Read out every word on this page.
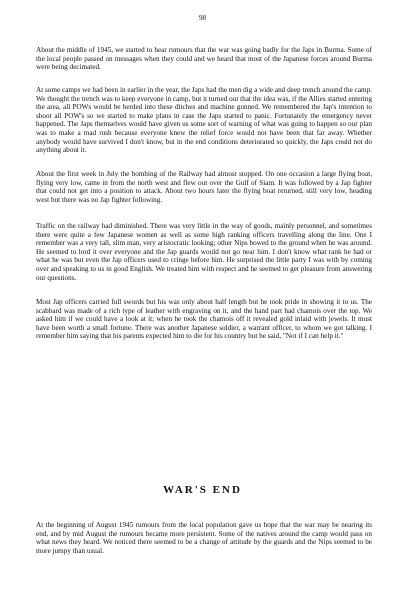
98

About the middle of 1945, we started to hear rumours that the war was going badly for the Japs in Burma. Some of the local people passed on messages when they could and we heard that most of the Japanese forces around Burma were being decimated.

At some camps we had been in earlier in the year, the Japs had the men dig a wide and deep trench around the camp. We thought the trench was to keep everyone in camp, but it turned out that the idea was, if the Allies started entering the area, all POWs would be herded into these ditches and machine gunned. We remembered the Jap's intention to shoot all POW's so we started to make plans in case the Japs started to panic. Fortunately the emergency never happened. The Japs themselves would have given us some sort of warning of what was going to happen so our plan was to make a mad rush because everyone knew the relief force would not have been that far away. Whether anybody would have survived I don't know, but in the end conditions deteriorated so quickly, the Japs could not do anything about it.

About the first week in July the bombing of the Railway had almost stopped. On one occasion a large flying boat, flying very low, came in from the north west and flew out over the Gulf of Siam. It was followed by a Jap fighter that could not get into a position to attack. About two hours later the flying boat returned, still very low, heading west but there was no Jap fighter following.

Traffic on the railway had diminished. There was very little in the way of goods, mainly personnel, and sometimes there were quite a few Japanese women as well as some high ranking officers travelling along the line. One I remember was a very tall, slim man, very aristocratic looking; other Nips bowed to the ground when he was around. He seemed to lord it over everyone and the Jap guards would not go near him. I don't know what rank he had or what he was but even the Jap officers used to cringe before him. He surprised the little party I was with by coming over and speaking to us in good English. We treated him with respect and he seemed to get pleasure from answering our questions.

Most Jap officers carried full swords but his was only about half length but he took pride in showing it to us. The scabbard was made of a rich type of leather with engraving on it, and the hand part had chamois over the top. We asked him if we could have a look at it; when he took the chamois off it revealed gold inlaid with jewels. It must have been worth a small fortune. There was another Japanese soldier, a warrant officer, to whom we got talking. I remember him saying that his parents expected him to die for his country but he said, "Not if I can help it."

WAR'S END

At the beginning of August 1945 rumours from the local population gave us hope that the war may be nearing its end, and by mid August the rumours became more persistent. Some of the natives around the camp would pass on what news they heard. We noticed there seemed to be a change of attitude by the guards and the Nips seemed to be more jumpy than usual.
